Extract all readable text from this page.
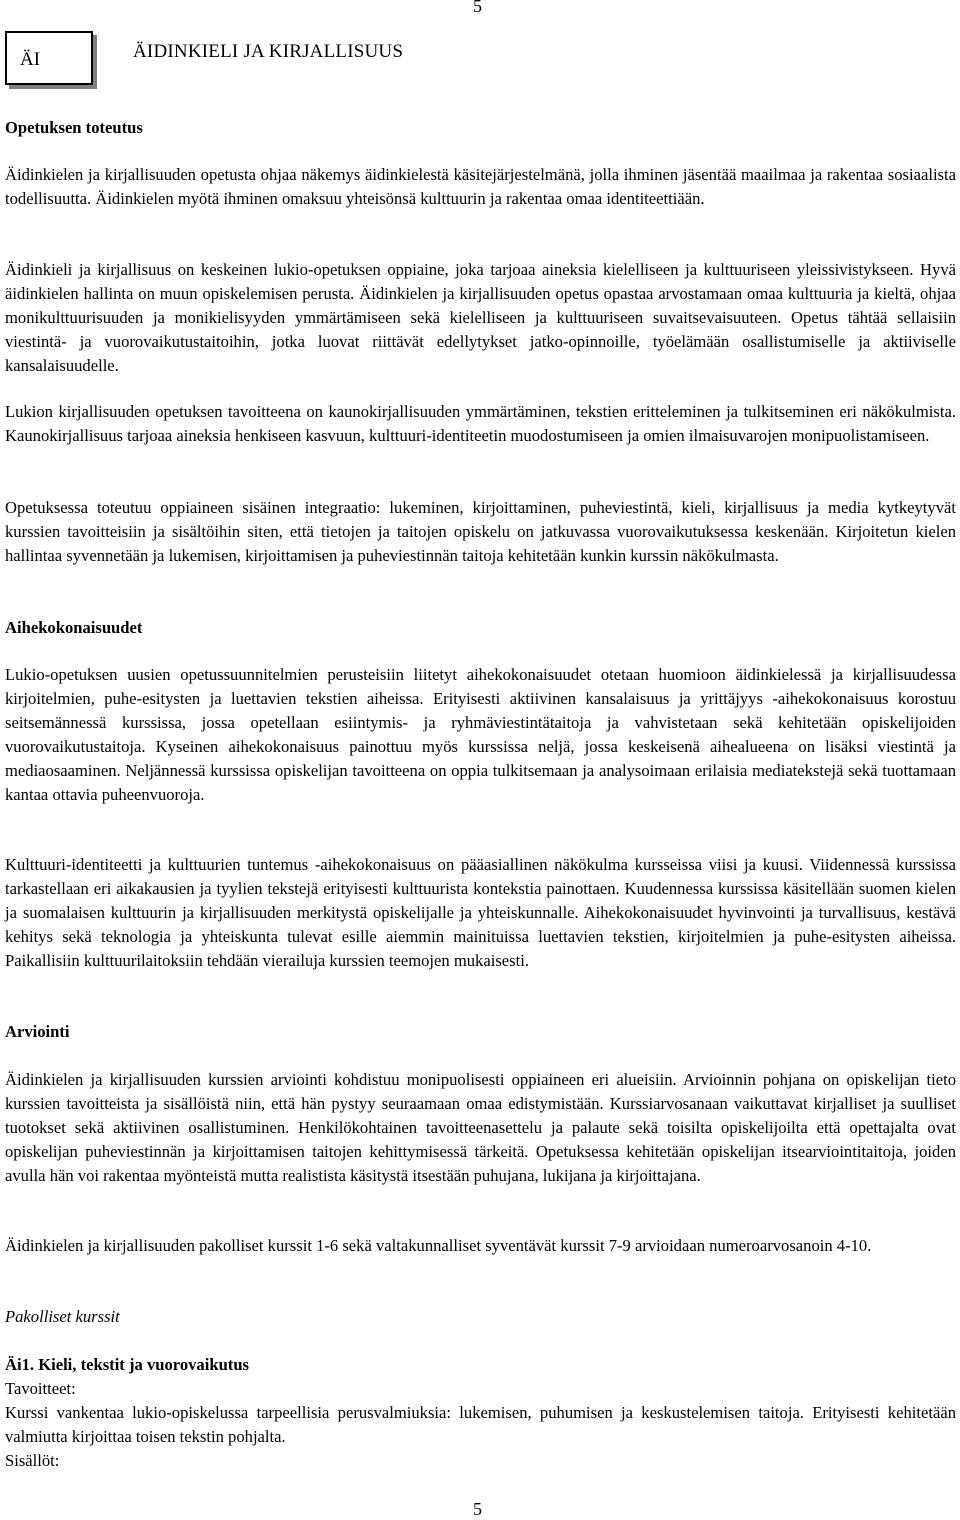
5
ÄI	ÄIDINKIELI JA KIRJALLISUUS
Opetuksen toteutus
Äidinkielen ja kirjallisuuden opetusta ohjaa näkemys äidinkielestä käsitejärjestelmänä, jolla ihminen jäsentää maailmaa ja rakentaa sosiaalista todellisuutta. Äidinkielen myötä ihminen omaksuu yhteisönsä kulttuurin ja rakentaa omaa identiteettiään.
Äidinkieli ja kirjallisuus on keskeinen lukio-opetuksen oppiaine, joka tarjoaa aineksia kielelliseen ja kulttuuriseen yleissivistykseen. Hyvä äidinkielen hallinta on muun opiskelemisen perusta. Äidinkielen ja kirjallisuuden opetus opastaa arvostamaan omaa kulttuuria ja kieltä, ohjaa monikulttuurisuuden ja monikielisyyden ymmärtämiseen sekä kielelliseen ja kulttuuriseen suvaitsevaisuuteen. Opetus tähtää sellaisiin viestintä- ja vuorovaikutustaitoihin, jotka luovat riittävät edellytykset jatko-opinnoille, työelämään osallistumiselle ja aktiiviselle kansalaisuudelle.
Lukion kirjallisuuden opetuksen tavoitteena on kaunokirjallisuuden ymmärtäminen, tekstien eritteleminen ja tulkitseminen eri näkökulmista. Kaunokirjallisuus tarjoaa aineksia henkiseen kasvuun, kulttuuri-identiteetin muodostumiseen ja omien ilmaisuvarojen monipuolistamiseen.
Opetuksessa toteutuu oppiaineen sisäinen integraatio: lukeminen, kirjoittaminen, puheviestintä, kieli, kirjallisuus ja media kytkeytyvät kurssien tavoitteisiin ja sisältöihin siten, että tietojen ja taitojen opiskelu on jatkuvassa vuorovaikutuksessa keskenään. Kirjoitetun kielen hallintaa syvennetään ja lukemisen, kirjoittamisen ja puheviestinnän taitoja kehitetään kunkin kurssin näkökulmasta.
Aihekokonaisuudet
Lukio-opetuksen uusien opetussuunnitelmien perusteisiin liitetyt aihekokonaisuudet otetaan huomioon äidinkielessä ja kirjallisuudessa kirjoitelmien, puhe-esitysten ja luettavien tekstien aiheissa. Erityisesti aktiivinen kansalaisuus ja yrittäjyys -aihekokonaisuus korostuu seitsemännessä kurssissa, jossa opetellaan esiintymis- ja ryhmäviestintätaitoja ja vahvistetaan sekä kehitetään opiskelijoiden vuorovaikutustaitoja. Kyseinen aihekokonaisuus painottuu myös kurssissa neljä, jossa keskeisenä aihealueena on lisäksi viestintä ja mediaosaaminen. Neljännessä kurssissa opiskelijan tavoitteena on oppia tulkitsemaan ja analysoimaan erilaisia mediatekstejä sekä tuottamaan kantaa ottavia puheenvuoroja.
Kulttuuri-identiteetti ja kulttuurien tuntemus -aihekokonaisuus on pääasiallinen näkökulma kursseissa viisi ja kuusi. Viidennessä kurssissa tarkastellaan eri aikakausien ja tyylien tekstejä erityisesti kulttuurista kontekstia painottaen. Kuudennessa kurssissa käsitellään suomen kielen ja suomalaisen kulttuurin ja kirjallisuuden merkitystä opiskelijalle ja yhteiskunnalle. Aihekokonaisuudet hyvinvointi ja turvallisuus, kestävä kehitys sekä teknologia ja yhteiskunta tulevat esille aiemmin mainituissa luettavien tekstien, kirjoitelmien ja puhe-esitysten aiheissa. Paikallisiin kulttuurilaitoksiin tehdään vierailuja kurssien teemojen mukaisesti.
Arviointi
Äidinkielen ja kirjallisuuden kurssien arviointi kohdistuu monipuolisesti oppiaineen eri alueisiin. Arvioinnin pohjana on opiskelijan tieto kurssien tavoitteista ja sisällöistä niin, että hän pystyy seuraamaan omaa edistymistään. Kurssiarvosanaan vaikuttavat kirjalliset ja suulliset tuotokset sekä aktiivinen osallistuminen. Henkilökohtainen tavoitteenasettelu ja palaute sekä toisilta opiskelijoilta että opettajalta ovat opiskelijan puheviestinnän ja kirjoittamisen taitojen kehittymisessä tärkeitä. Opetuksessa kehitetään opiskelijan itsearviointitaitoja, joiden avulla hän voi rakentaa myönteistä mutta realistista käsitystä itsestään puhujana, lukijana ja kirjoittajana.
Äidinkielen ja kirjallisuuden pakolliset kurssit 1-6 sekä valtakunnalliset syventävät kurssit 7-9 arvioidaan numeroarvosanoin 4-10.
Pakolliset kurssit
Äi1. Kieli, tekstit ja vuorovaikutus
Tavoitteet:
Kurssi vankentaa lukio-opiskelussa tarpeellisia perusvalmiuksia: lukemisen, puhumisen ja keskustelemisen taitoja. Erityisesti kehitetään valmiutta kirjoittaa toisen tekstin pohjalta.
Sisällöt:
5
